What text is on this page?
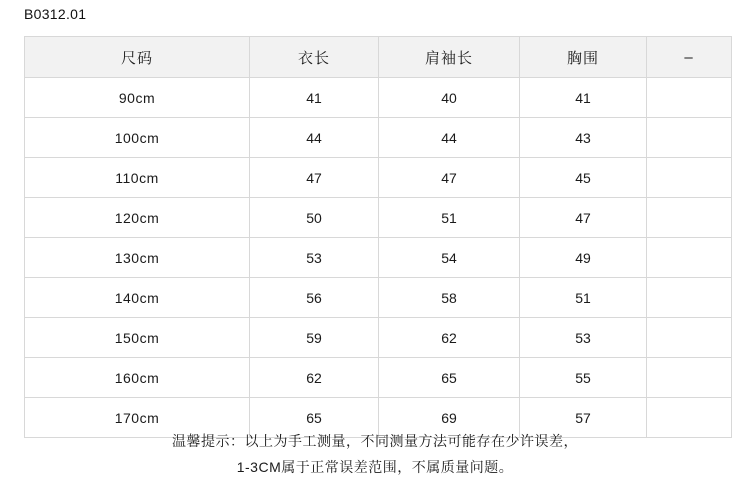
B0312.01
尺码	衣长	肩袖长	胸围	–
90cm	41	40	41	
100cm	44	44	43	
110cm	47	47	45	
120cm	50	51	47	
130cm	53	54	49	
140cm	56	58	51	
150cm	59	62	53	
160cm	62	65	55	
170cm	65	69	57	
温馨提示：以上为手工测量，不同测量方法可能存在少许误差，
1-3CM属于正常误差范围，不属质量问题。
